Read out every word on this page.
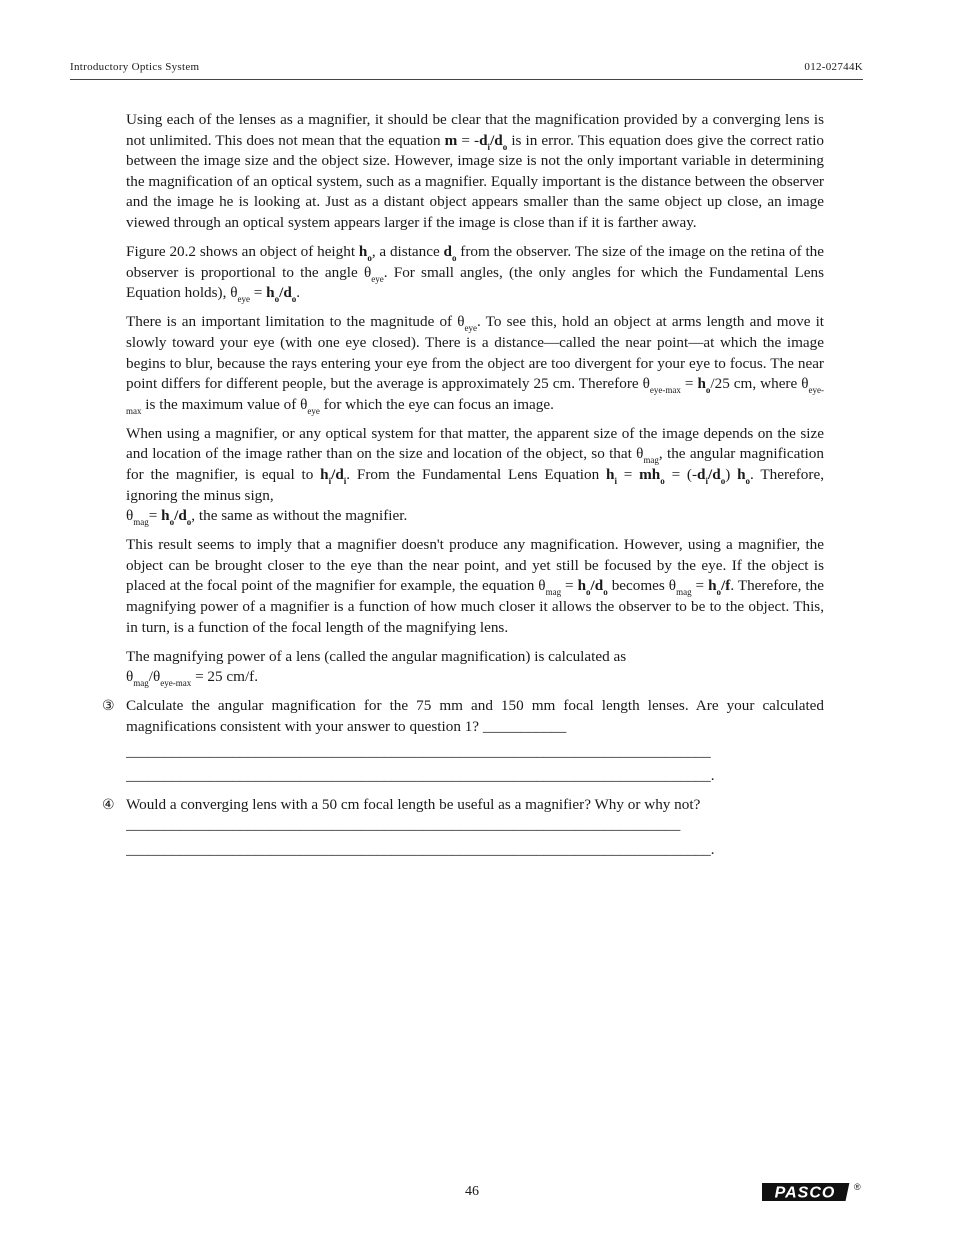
Introductory Optics System	012-02744K

Using each of the lenses as a magnifier, it should be clear that the magnification provided by a converging lens is not unlimited. This does not mean that the equation $m = -d_i/d_o$ is in error. This equation does give the correct ratio between the image size and the object size. However, image size is not the only important variable in determining the magnification of an optical system, such as a magnifier. Equally important is the distance between the observer and the image he is looking at. Just as a distant object appears smaller than the same object up close, an image viewed through an optical system appears larger if the image is close than if it is farther away.

Figure 20.2 shows an object of height $h_o$, a distance $d_o$ from the observer. The size of the image on the retina of the observer is proportional to the angle $\theta_{eye}$. For small angles, (the only angles for which the Fundamental Lens Equation holds), $\theta_{eye} = h_o/d_o$.

There is an important limitation to the magnitude of $\theta_{eye}$. To see this, hold an object at arms length and move it slowly toward your eye (with one eye closed). There is a distance—called the near point—at which the image begins to blur, because the rays entering your eye from the object are too divergent for your eye to focus. The near point differs for different people, but the average is approximately 25 cm. Therefore $\theta_{eye-max} = h_o/25$ cm, where $\theta_{eye-max}$ is the maximum value of $\theta_{eye}$ for which the eye can focus an image.

When using a magnifier, or any optical system for that matter, the apparent size of the image depends on the size and location of the image rather than on the size and location of the object, so that $\theta_{mag}$, the angular magnification for the magnifier, is equal to $h_i/d_i$. From the Fundamental Lens Equation $h_i = mh_o = (-d_i/d_o)$ $h_o$. Therefore, ignoring the minus sign,
$\theta_{mag}= h_o/d_o$, the same as without the magnifier.

This result seems to imply that a magnifier doesn't produce any magnification. However, using a magnifier, the object can be brought closer to the eye than the near point, and yet still be focused by the eye. If the object is placed at the focal point of the magnifier for example, the equation $\theta_{mag} = h_o/d_o$ becomes $\theta_{mag} = h_o/f$. Therefore, the magnifying power of a magnifier is a function of how much closer it allows the observer to be to the object. This, in turn, is a function of the focal length of the magnifying lens.

The magnifying power of a lens (called the angular magnification) is calculated as
$\theta_{mag}/\theta_{eye-max} = 25$ cm/f.

③ Calculate the angular magnification for the 75 mm and 150 mm focal length lenses. Are your calculated magnifications consistent with your answer to question 1? ___________
_____________________________________________________________________________
_____________________________________________________________________________.
④ Would a converging lens with a 50 cm focal length be useful as a magnifier? Why or why not?
_________________________________________________________________________
_____________________________________________________________________________.
46	PASCO ®
